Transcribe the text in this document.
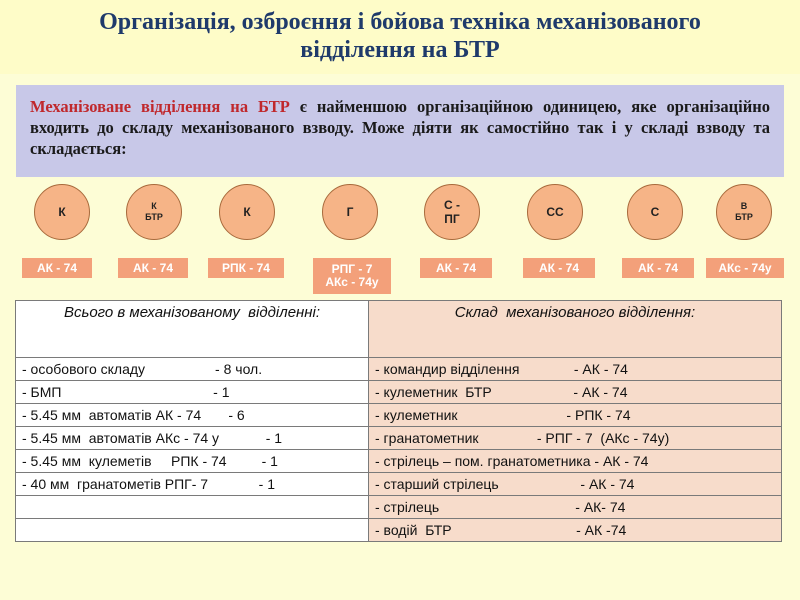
Організація, озброєння і бойова техніка механізованого
відділення на БТР
Механізоване відділення на БТР є найменшою організаційною одиницею, яке організаційно входить до складу механізованого взводу. Може діяти як самостійно так і у складі взводу та складається:
К	К
БТР	К	Г	С -
ПГ	СС	С	В
БТР
АК - 74	АК - 74	РПК - 74	РПГ - 7
АКс - 74у
АК - 74	АК - 74	АК - 74	АКс - 74у
Всього в механізованому  відділенні:	Склад  механізованого відділення:
- особового складу                  - 8 чол.	- командир відділення              - АК - 74
- БМП                                       - 1	- кулеметник  БТР                     - АК - 74
- 5.45 мм  автоматів АК - 74       - 6	- кулеметник                            - РПК - 74
- 5.45 мм  автоматів АКс - 74 у            - 1	- гранатометник               - РПГ - 7  (АКс - 74у)
- 5.45 мм  кулеметів     РПК - 74         - 1	- стрілець – пом. гранатометника - АК - 74
- 40 мм  гранатометів РПГ- 7             - 1	- старший стрілець                     - АК - 74
	- стрілець                                   - АК- 74
	- водій  БТР                                - АК -74
